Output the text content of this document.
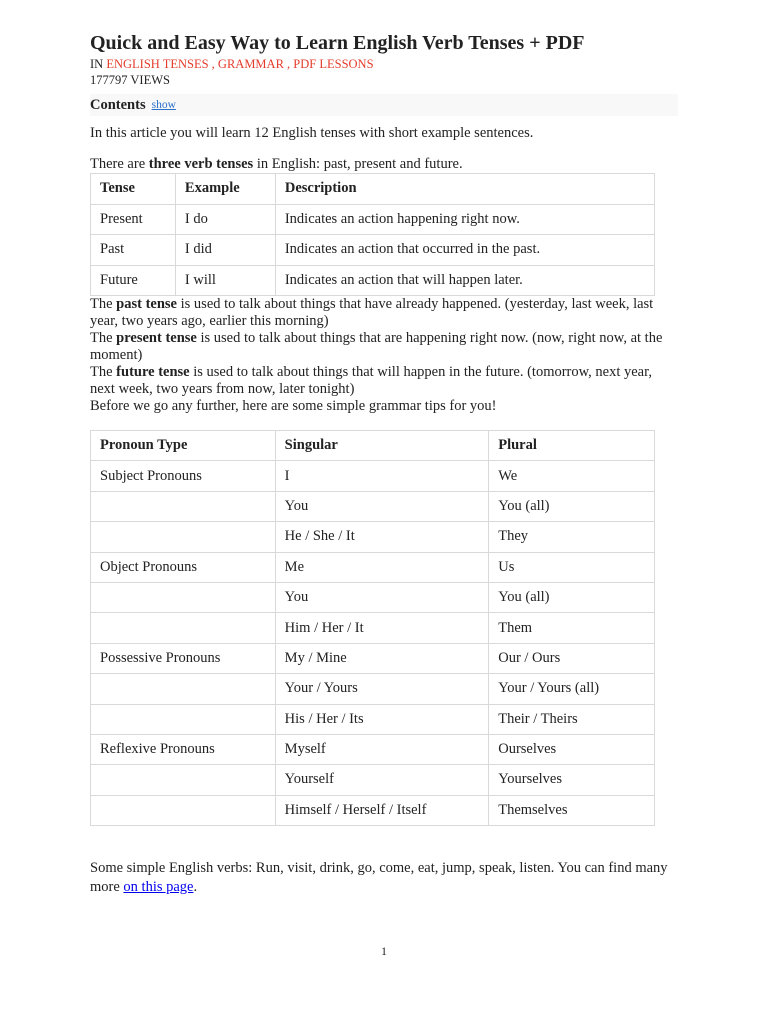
Quick and Easy Way to Learn English Verb Tenses + PDF
IN ENGLISH TENSES , GRAMMAR , PDF LESSONS
177797 VIEWS
Contents show

In this article you will learn 12 English tenses with short example sentences.

There are three verb tenses in English: past, present and future.

Tense	Example	Description
Present	I do	Indicates an action happening right now.
Past	I did	Indicates an action that occurred in the past.
Future	I will	Indicates an action that will happen later.

The past tense is used to talk about things that have already happened. (yesterday, last week, last year, two years ago, earlier this morning)

The present tense is used to talk about things that are happening right now. (now, right now, at the moment)

The future tense is used to talk about things that will happen in the future. (tomorrow, next year, next week, two years from now, later tonight)

Before we go any further, here are some simple grammar tips for you!

Pronoun Type	Singular	Plural
Subject Pronouns	I	We
	You	You (all)
	He / She / It	They
Object Pronouns	Me	Us
	You	You (all)
	Him / Her / It	Them
Possessive Pronouns	My / Mine	Our / Ours
	Your / Yours	Your / Yours (all)
	His / Her / Its	Their / Theirs
Reflexive Pronouns	Myself	Ourselves
	Yourself	Yourselves
	Himself / Herself / Itself	Themselves

Some simple English verbs: Run, visit, drink, go, come, eat, jump, speak, listen. You can find many more on this page.

1
